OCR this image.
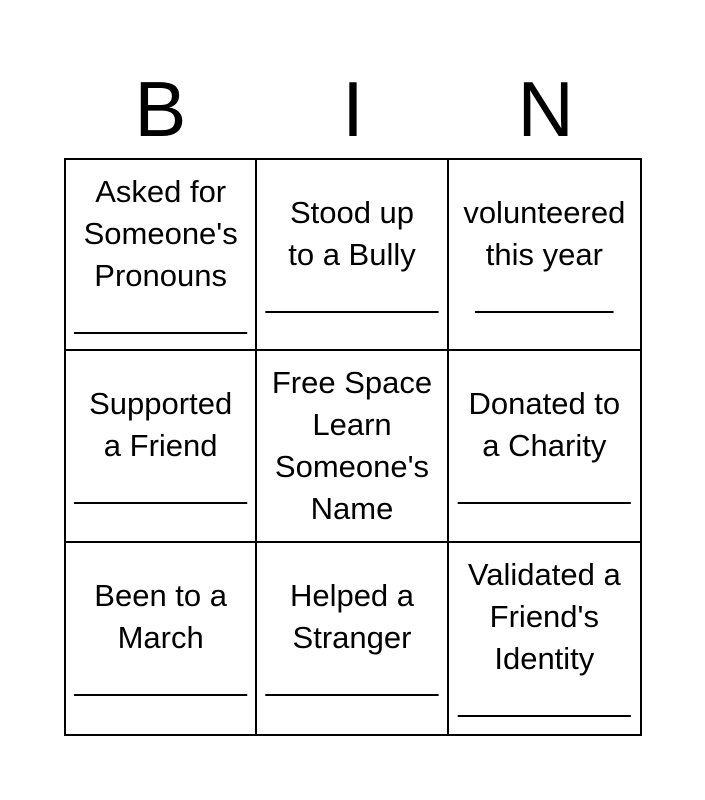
B	I	N
Asked for
Someone's
Pronouns
__________
Stood up
to a Bully
__________
volunteered
this year
________
Supported
a Friend
__________
Free Space
Learn
Someone's
Name
Donated to
a Charity
__________
Been to a
March
__________
Helped a
Stranger
__________
Validated a
Friend's
Identity
__________
